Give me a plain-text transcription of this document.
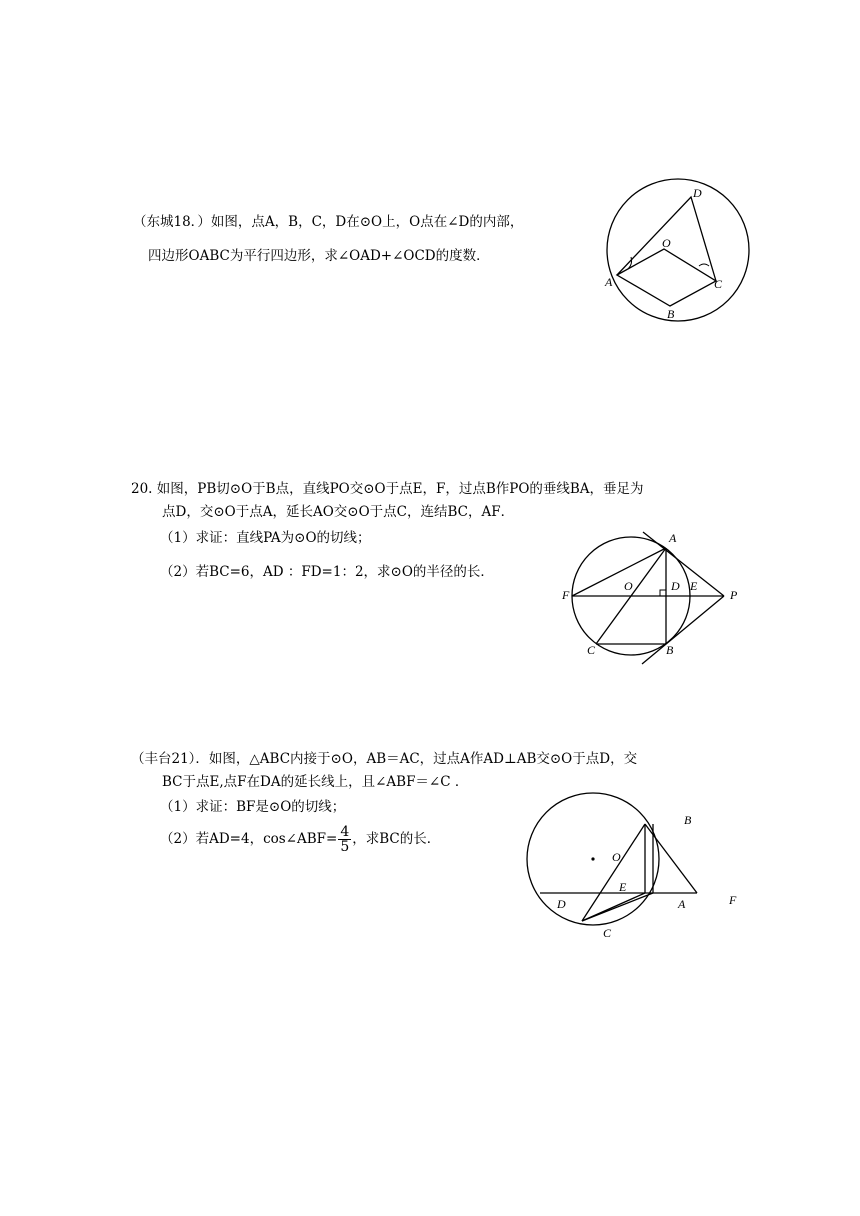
（东城18．）如图，点A，B，C，D在⊙O上，O点在∠D的内部，
四边形OABC为平行四边形，求∠OAD+∠OCD的度数．
D
O
A	C
B
20. 如图，PB切⊙O于B点，直线PO交⊙O于点E，F，过点B作PO的垂线BA，垂足为
点D，交⊙O于点A，延长AO交⊙O于点C，连结BC，AF．
（1）求证：直线PA为⊙O的切线；
（2）若BC=6，AD ：FD=1：2，求⊙O的半径的长．
A
F
O	D E
P
C	B
（丰台21）．如图，△ABC内接于⊙O，AB＝AC，过点A作AD⊥AB交⊙O于点D，交
BC于点E,点F在DA的延长线上，且∠ABF＝∠C ．
（1）求证：BF是⊙O的切线；
（2）若AD=4，cos∠ABF= $\frac{4}{5}$ ，求BC的长．
B
O
E
D	A	F
C
